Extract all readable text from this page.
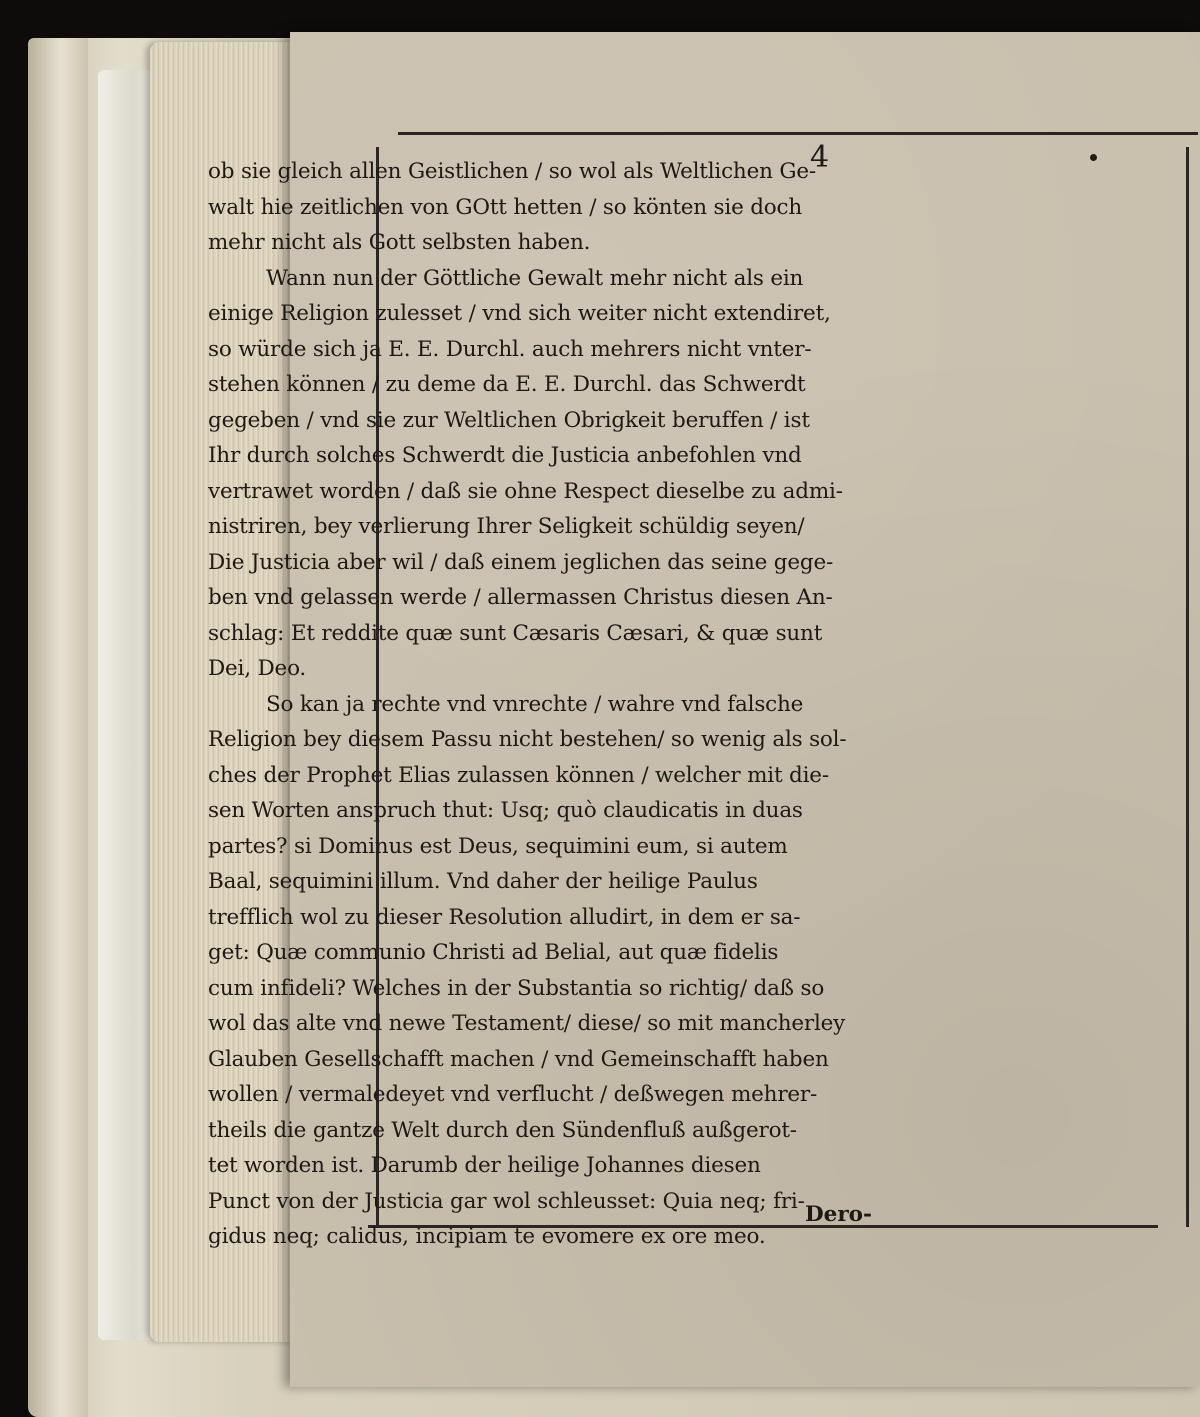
4
ob sie gleich allen Geistlichen / so wol als Weltlichen Ge-
walt hie zeitlichen von GOtt hetten / so könten sie doch
mehr nicht als Gott selbsten haben.
Wann nun der Göttliche Gewalt mehr nicht als ein
einige Religion zulesset / vnd sich weiter nicht extendiret,
so würde sich ja E. E. Durchl. auch mehrers nicht vnter-
stehen können / zu deme da E. E. Durchl. das Schwerdt
gegeben / vnd sie zur Weltlichen Obrigkeit beruffen / ist
Ihr durch solches Schwerdt die Justicia anbefohlen vnd
vertrawet worden / daß sie ohne Respect dieselbe zu admi-
nistriren, bey verlierung Ihrer Seligkeit schüldig seyen/
Die Justicia aber wil / daß einem jeglichen das seine gege-
ben vnd gelassen werde / allermassen Christus diesen An-
schlag: Et reddite quæ sunt Cæsaris Cæsari, & quæ sunt
Dei, Deo.
So kan ja rechte vnd vnrechte / wahre vnd falsche
Religion bey diesem Passu nicht bestehen/ so wenig als sol-
ches der Prophet Elias zulassen können / welcher mit die-
sen Worten anspruch thut: Usq; quò claudicatis in duas
partes? si Dominus est Deus, sequimini eum, si autem
Baal, sequimini illum. Vnd daher der heilige Paulus
trefflich wol zu dieser Resolution alludirt, in dem er sa-
get: Quæ communio Christi ad Belial, aut quæ fidelis
cum infideli? Welches in der Substantia so richtig/ daß so
wol das alte vnd newe Testament/ diese/ so mit mancherley
Glauben Gesellschafft machen / vnd Gemeinschafft haben
wollen / vermaledeyet vnd verflucht / deßwegen mehrer-
theils die gantze Welt durch den Sündenfluß außgerot-
tet worden ist. Darumb der heilige Johannes diesen
Punct von der Justicia gar wol schleusset: Quia neq; fri-
gidus neq; calidus, incipiam te evomere ex ore meo.
Dero-
